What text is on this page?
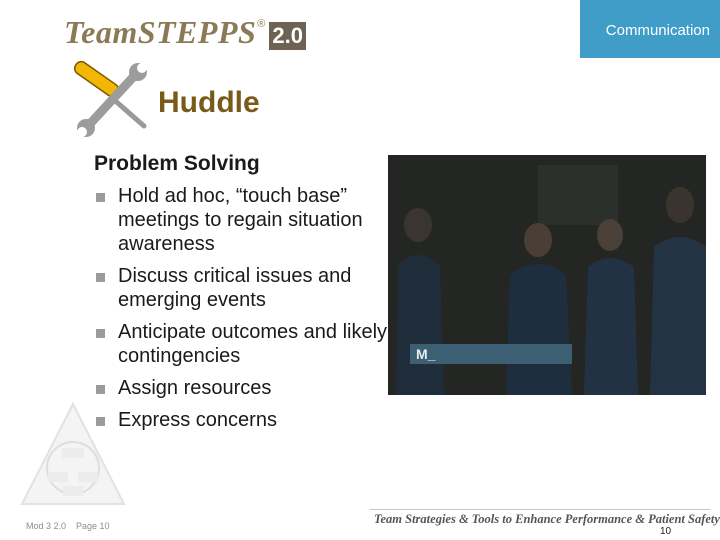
TeamSTEPPS ® 2.0	Communication
Huddle
Problem Solving
Hold ad hoc, “touch base” meetings to regain situation awareness
Discuss critical issues and emerging events
Anticipate outcomes and likely contingencies
Assign resources
Express concerns
M_
Mod 3 2.0 Page 10	Team Strategies & Tools to Enhance Performance & Patient Safety
10
